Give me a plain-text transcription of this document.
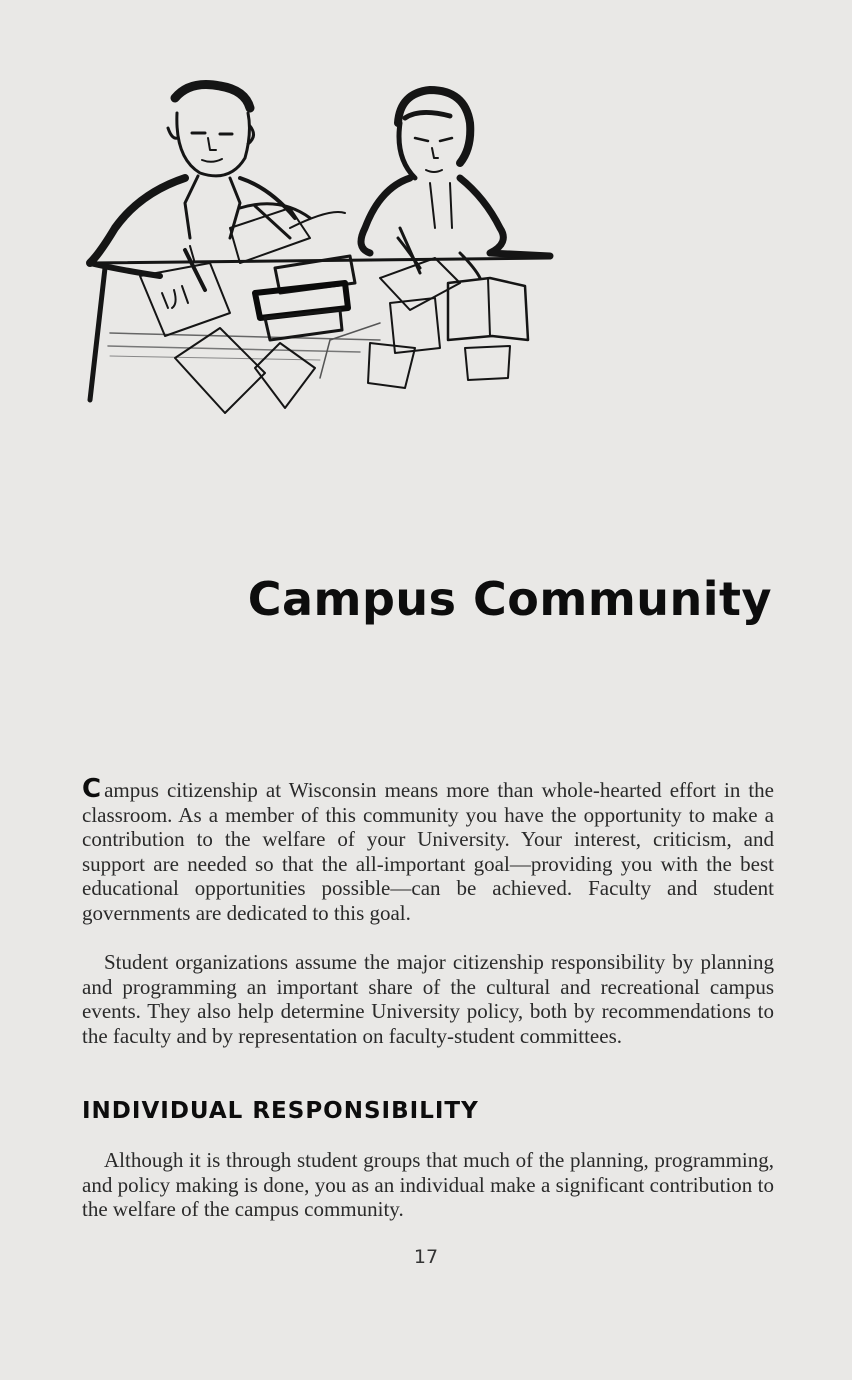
Campus Community

C ampus citizenship at Wisconsin means more than whole-hearted effort in the classroom. As a member of this community you have the opportunity to make a contribution to the welfare of your University. Your interest, criticism, and support are needed so that the all-important goal—providing you with the best educational opportunities possible—can be achieved. Faculty and student governments are dedicated to this goal.

Student organizations assume the major citizenship responsibility by planning and programming an important share of the cultural and recreational campus events. They also help determine University policy, both by recommendations to the faculty and by representation on faculty-student committees.

INDIVIDUAL RESPONSIBILITY

Although it is through student groups that much of the planning, programming, and policy making is done, you as an individual make a significant contribution to the welfare of the campus community.

17
